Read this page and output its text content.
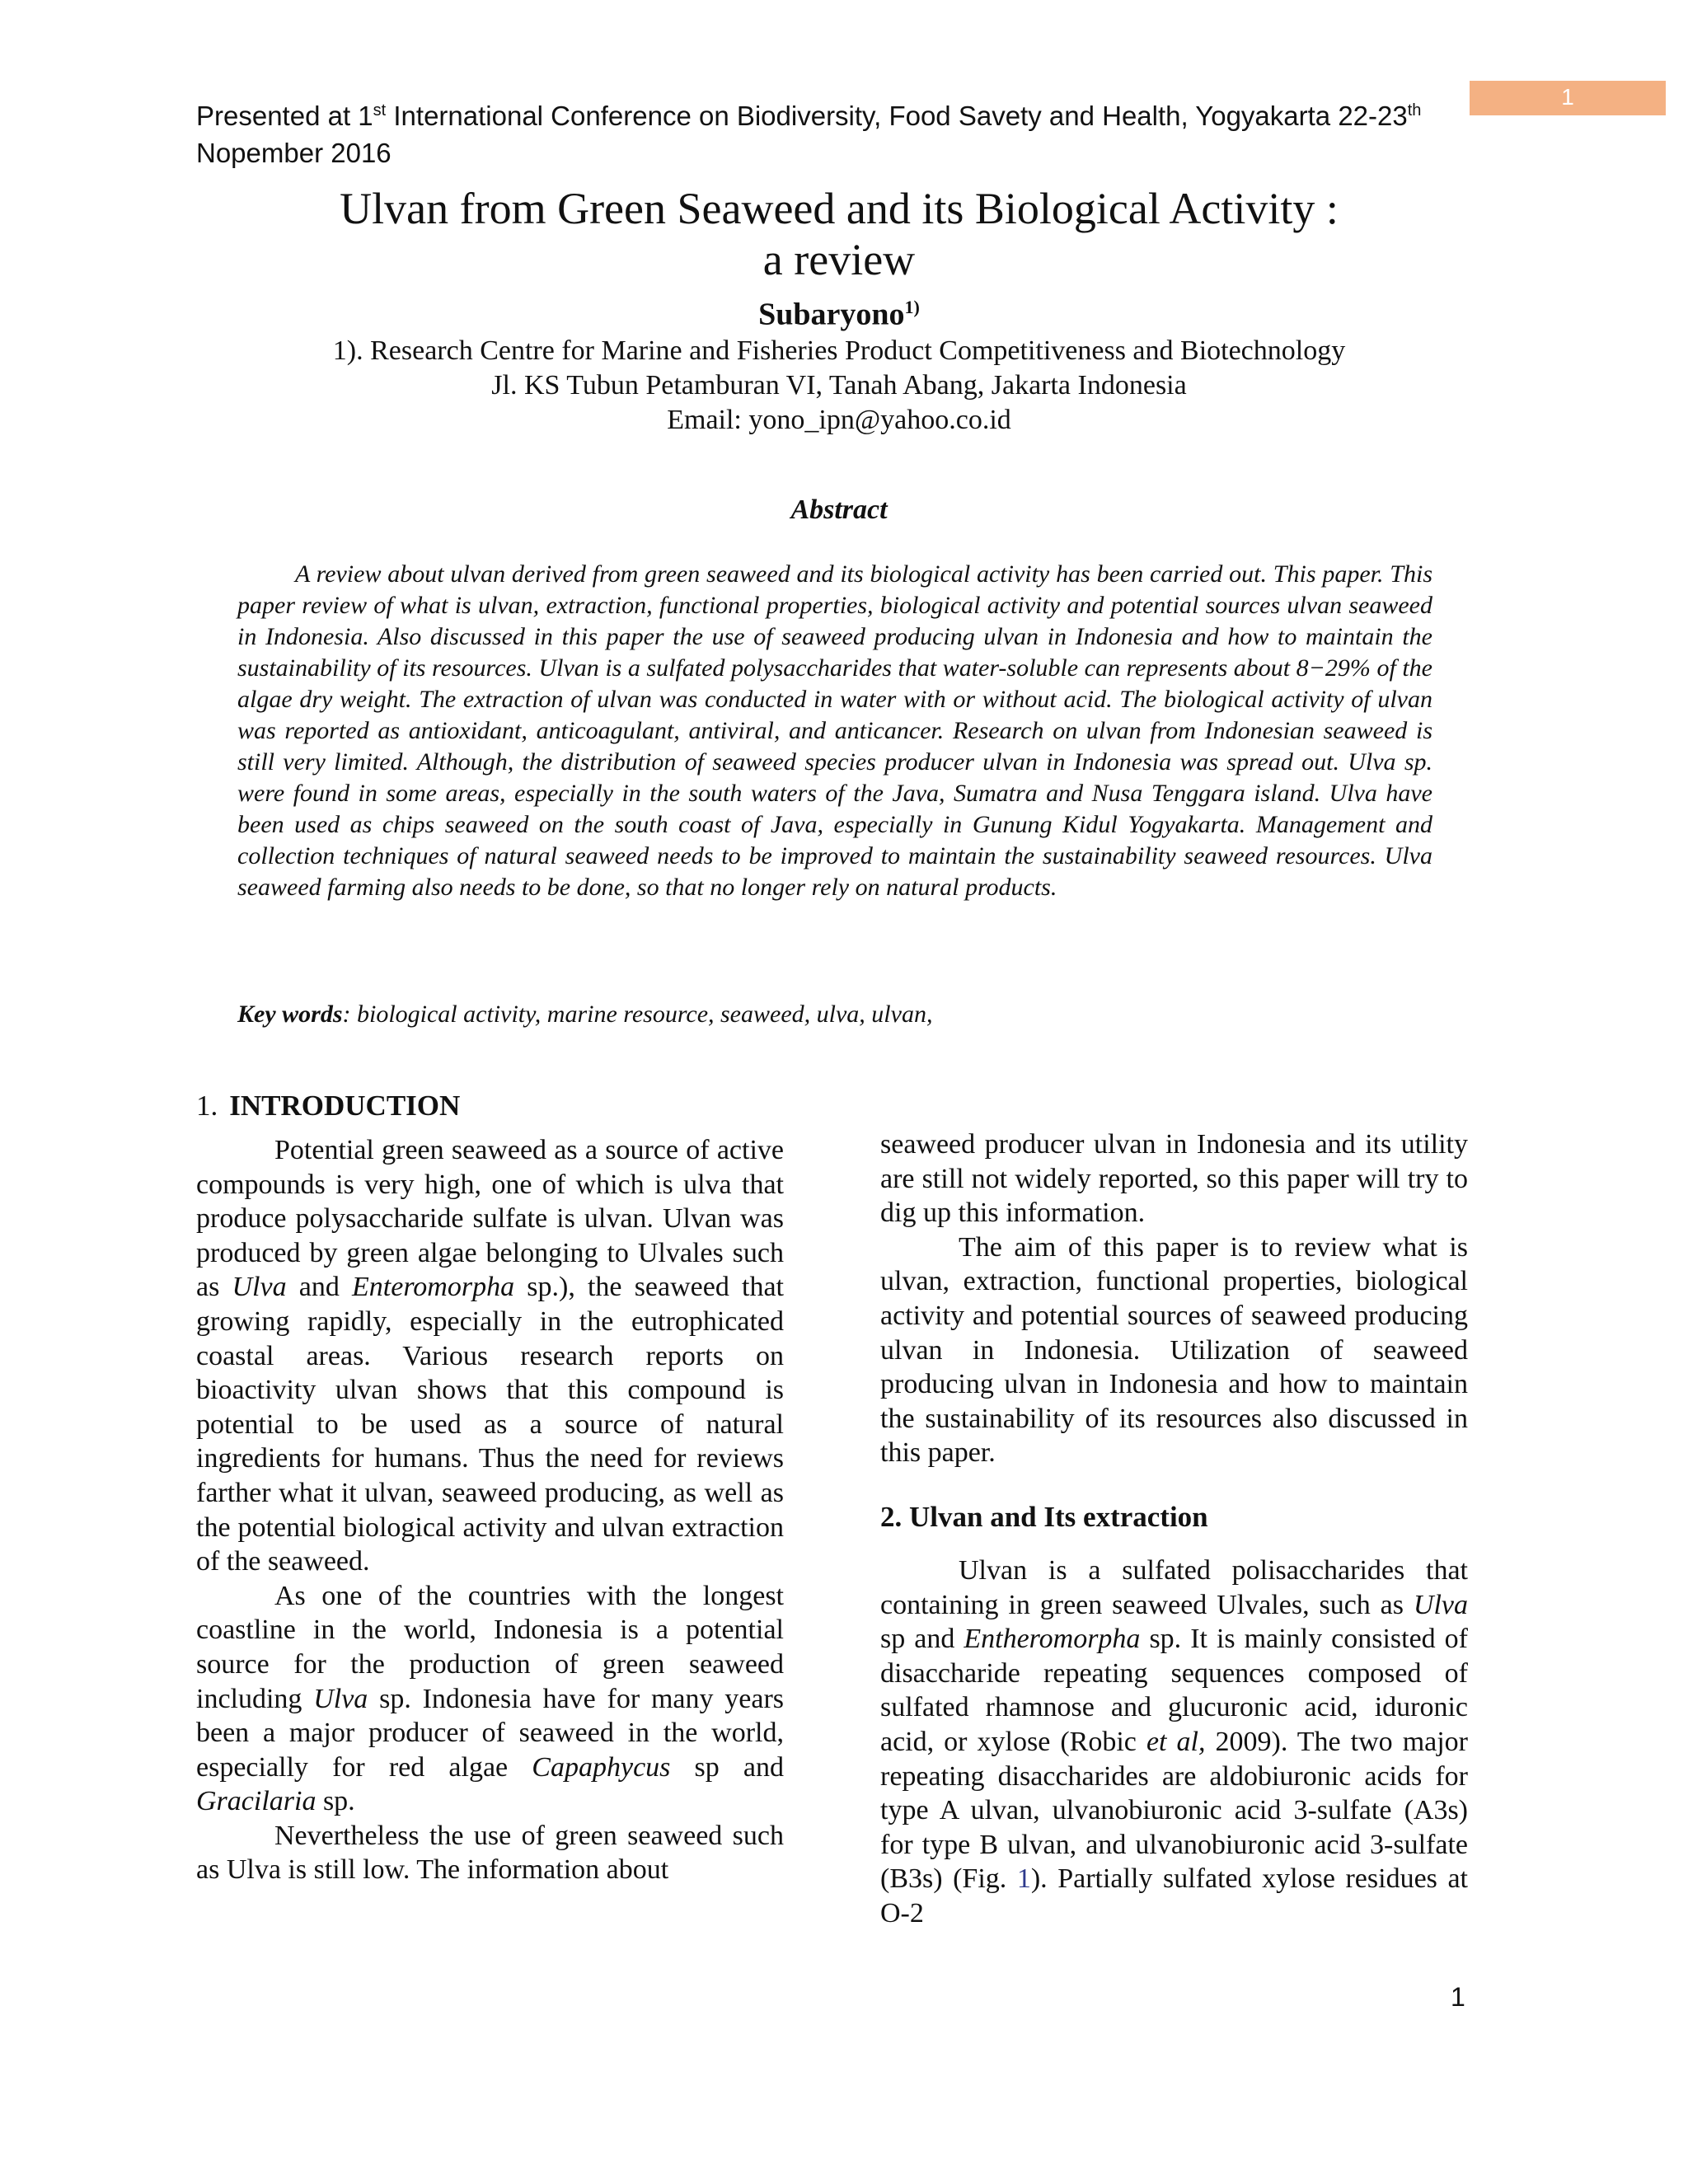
1
Presented at 1st International Conference on Biodiversity, Food Savety and Health, Yogyakarta 22-23th
Nopember 2016
Ulvan from Green Seaweed and its Biological Activity :
a review
Subaryono$^{1)}$
1). Research Centre for Marine and Fisheries Product Competitiveness and Biotechnology
Jl. KS Tubun Petamburan VI, Tanah Abang, Jakarta Indonesia
Email: yono_ipn@yahoo.co.id
Abstract

A review about ulvan derived from green seaweed and its biological activity has been carried out. This paper. This paper review of what is ulvan, extraction, functional properties, biological activity and potential sources ulvan seaweed in Indonesia. Also discussed in this paper the use of seaweed producing ulvan in Indonesia and how to maintain the sustainability of its resources. Ulvan is a sulfated polysaccharides that water-soluble can represents about 8−29% of the algae dry weight. The extraction of ulvan was conducted in water with or without acid. The biological activity of ulvan was reported as antioxidant, anticoagulant, antiviral, and anticancer. Research on ulvan from Indonesian seaweed is still very limited. Although, the distribution of seaweed species producer ulvan in Indonesia was spread out. Ulva sp. were found in some areas, especially in the south waters of the Java, Sumatra and Nusa Tenggara island. Ulva have been used as chips seaweed on the south coast of Java, especially in Gunung Kidul Yogyakarta. Management and collection techniques of natural seaweed needs to be improved to maintain the sustainability seaweed resources. Ulva seaweed farming also needs to be done, so that no longer rely on natural products.

Key words: biological activity, marine resource, seaweed, ulva, ulvan,
1. INTRODUCTION

Potential green seaweed as a source of active compounds is very high, one of which is ulva that produce polysaccharide sulfate is ulvan. Ulvan was produced by green algae belonging to Ulvales such as Ulva and Enteromorpha sp.), the seaweed that growing rapidly, especially in the eutrophicated coastal areas. Various research reports on bioactivity ulvan shows that this compound is potential to be used as a source of natural ingredients for humans. Thus the need for reviews farther what it ulvan, seaweed producing, as well as the potential biological activity and ulvan extraction of the seaweed.

As one of the countries with the longest coastline in the world, Indonesia is a potential source for the production of green seaweed including Ulva sp. Indonesia have for many years been a major producer of seaweed in the world, especially for red algae Capaphycus sp and Gracilaria sp.

Nevertheless the use of green seaweed such as Ulva is still low. The information about

seaweed producer ulvan in Indonesia and its utility are still not widely reported, so this paper will try to dig up this information.

The aim of this paper is to review what is ulvan, extraction, functional properties, biological activity and potential sources of seaweed producing ulvan in Indonesia. Utilization of seaweed producing ulvan in Indonesia and how to maintain the sustainability of its resources also discussed in this paper.

2. Ulvan and Its extraction

Ulvan is a sulfated polisaccharides that containing in green seaweed Ulvales, such as Ulva sp and Entheromorpha sp. It is mainly consisted of disaccharide repeating sequences composed of sulfated rhamnose and glucuronic acid, iduronic acid, or xylose (Robic et al, 2009). The two major repeating disaccharides are aldobiuronic acids for type A ulvan, ulvanobiuronic acid 3-sulfate (A3s) for type B ulvan, and ulvanobiuronic acid 3-sulfate (B3s) (Fig. 1). Partially sulfated xylose residues at O-2

1
